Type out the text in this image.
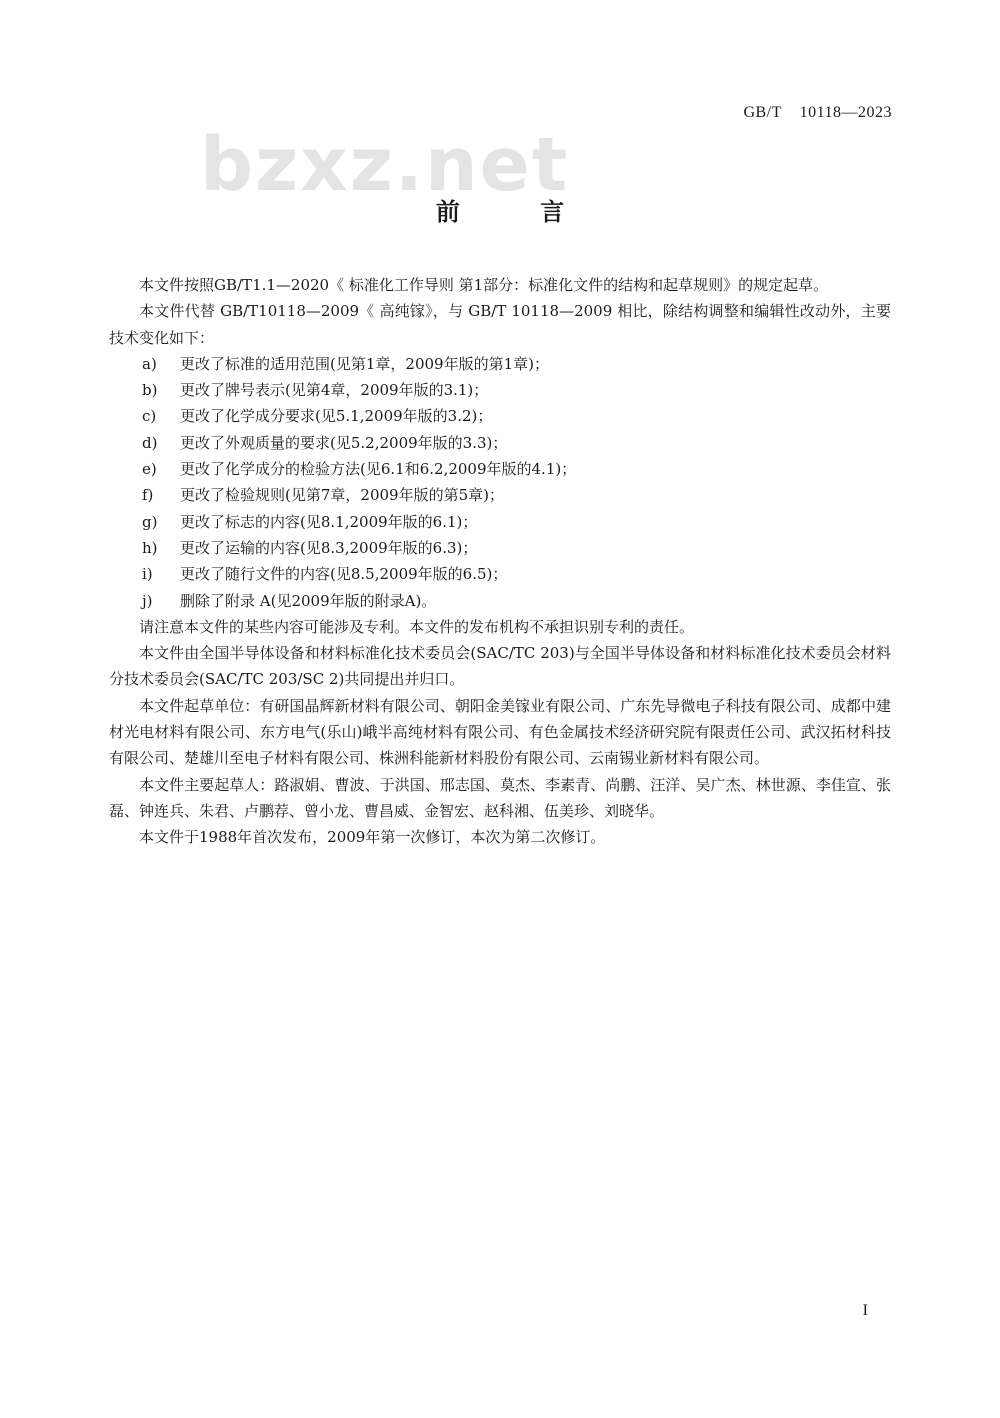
GB/T    10118—2023
bzxz.net
前 言

本文件按照GB/T1.1—2020《 标准化工作导则 第1部分：标准化文件的结构和起草规则》的规定起草。

本文件代替 GB/T10118—2009《 高纯镓》，与 GB/T 10118—2009 相比，除结构调整和编辑性改动外，主要技术变化如下：

a)	更改了标准的适用范围(见第1章，2009年版的第1章)；
b)	更改了牌号表示(见第4章，2009年版的3.1)；
c)	更改了化学成分要求(见5.1,2009年版的3.2)；
d)	更改了外观质量的要求(见5.2,2009年版的3.3)；
e)	更改了化学成分的检验方法(见6.1和6.2,2009年版的4.1)；
f)	更改了检验规则(见第7章，2009年版的第5章)；
g)	更改了标志的内容(见8.1,2009年版的6.1)；
h)	更改了运输的内容(见8.3,2009年版的6.3)；
i)	更改了随行文件的内容(见8.5,2009年版的6.5)；
j)	删除了附录 A(见2009年版的附录A)。

请注意本文件的某些内容可能涉及专利。本文件的发布机构不承担识别专利的责任。

本文件由全国半导体设备和材料标准化技术委员会(SAC/TC 203)与全国半导体设备和材料标准化技术委员会材料分技术委员会(SAC/TC 203/SC 2)共同提出并归口。

本文件起草单位：有研国晶辉新材料有限公司、朝阳金美镓业有限公司、广东先导微电子科技有限公司、成都中建材光电材料有限公司、东方电气(乐山)峨半高纯材料有限公司、有色金属技术经济研究院有限责任公司、武汉拓材科技有限公司、楚雄川至电子材料有限公司、株洲科能新材料股份有限公司、云南锡业新材料有限公司。

本文件主要起草人：路淑娟、曹波、于洪国、邢志国、莫杰、李素青、尚鹏、汪洋、吴广杰、林世源、李佳宣、张磊、钟连兵、朱君、卢鹏荐、曾小龙、曹昌威、金智宏、赵科湘、伍美珍、刘晓华。

本文件于1988年首次发布，2009年第一次修订，本次为第二次修订。

I
